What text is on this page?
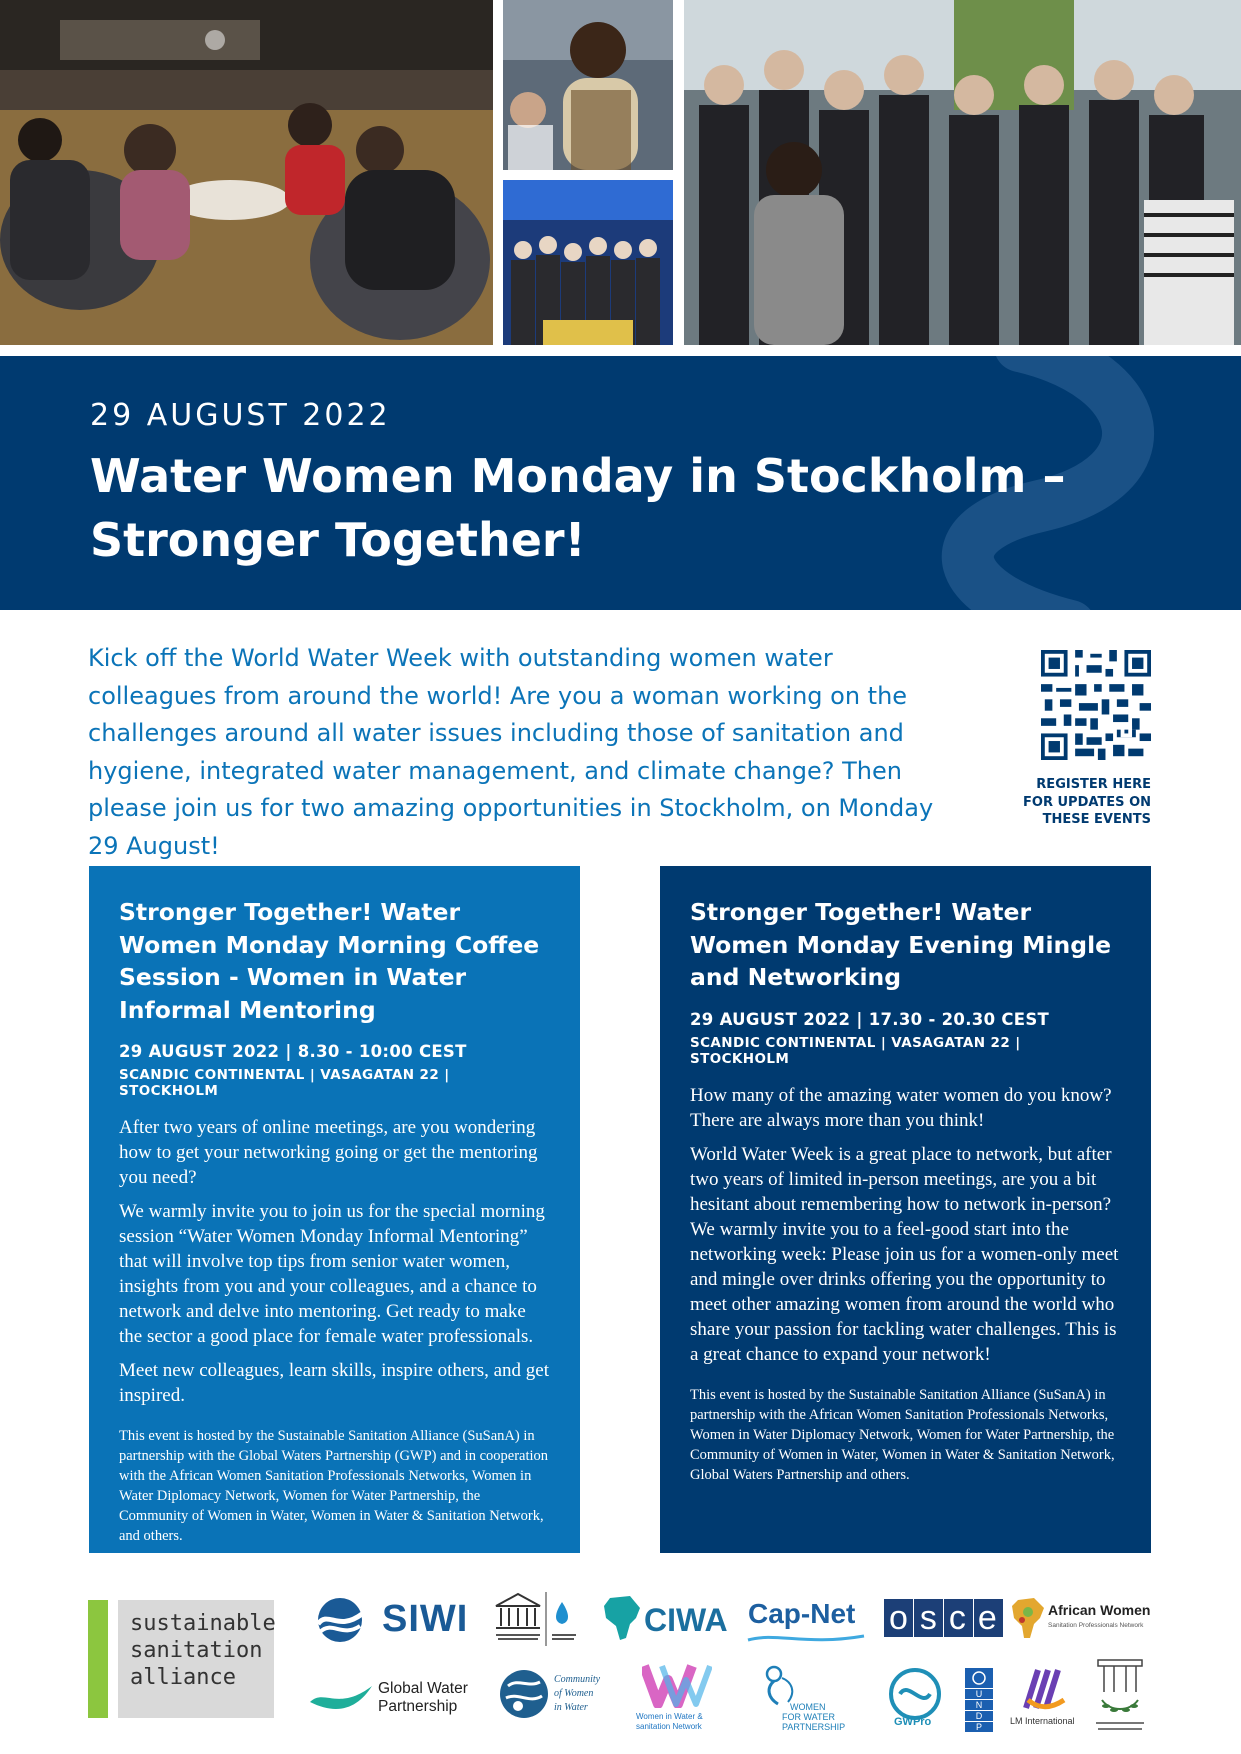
29 AUGUST 2022
Water Women Monday in Stockholm –
Stronger Together!

Kick off the World Water Week with outstanding women water colleagues from around the world! Are you a woman working on the challenges around all water issues including those of sanitation and hygiene, integrated water management, and climate change? Then please join us for two amazing opportunities in Stockholm, on Monday 29 August!

REGISTER HERE
FOR UPDATES ON
THESE EVENTS
Stronger Together! Water Women Monday Morning Coffee Session - Women in Water Informal Mentoring
29 AUGUST 2022 | 8.30 - 10:00 CEST
SCANDIC CONTINENTAL | VASAGATAN 22 | STOCKHOLM

After two years of online meetings, are you wondering how to get your networking going or get the mentoring you need?

We warmly invite you to join us for the special morning session “Water Women Monday Informal Mentoring” that will involve top tips from senior water women, insights from you and your colleagues, and a chance to network and delve into mentoring. Get ready to make the sector a good place for female water professionals.

Meet new colleagues, learn skills, inspire others, and get inspired.

This event is hosted by the Sustainable Sanitation Alliance (SuSanA) in partnership with the Global Waters Partnership (GWP) and in cooperation with the African Women Sanitation Professionals Networks, Women in Water Diplomacy Network, Women for Water Partnership, the Community of Women in Water, Women in Water & Sanitation Network, and others.

Stronger Together! Water Women Monday Evening Mingle and Networking
29 AUGUST 2022 | 17.30 - 20.30 CEST
SCANDIC CONTINENTAL | VASAGATAN 22 | STOCKHOLM

How many of the amazing water women do you know? There are always more than you think!

World Water Week is a great place to network, but after two years of limited in-person meetings, are you a bit hesitant about remembering how to network in-person? We warmly invite you to a feel-good start into the networking week: Please join us for a women-only meet and mingle over drinks offering you the opportunity to meet other amazing women from around the world who share your passion for tackling water challenges. This is a great chance to expand your network!

This event is hosted by the Sustainable Sanitation Alliance (SuSanA) in partnership with the African Women Sanitation Professionals Networks, Women in Water Diplomacy Network, Women for Water Partnership, the Community of Women in Water, Women in Water & Sanitation Network, Global Waters Partnership and others.

sustainable
sanitation
alliance
SIWI	CIWA Cap-Net osce	African Women
Sanitation Professionals Network
Global Water
Partnership
Community
of Women
in Water
Women in Water &
sanitation Network
WOMEN
FOR WATER
PARTNERSHIP	GWPro
U
N
D
P
LM International
